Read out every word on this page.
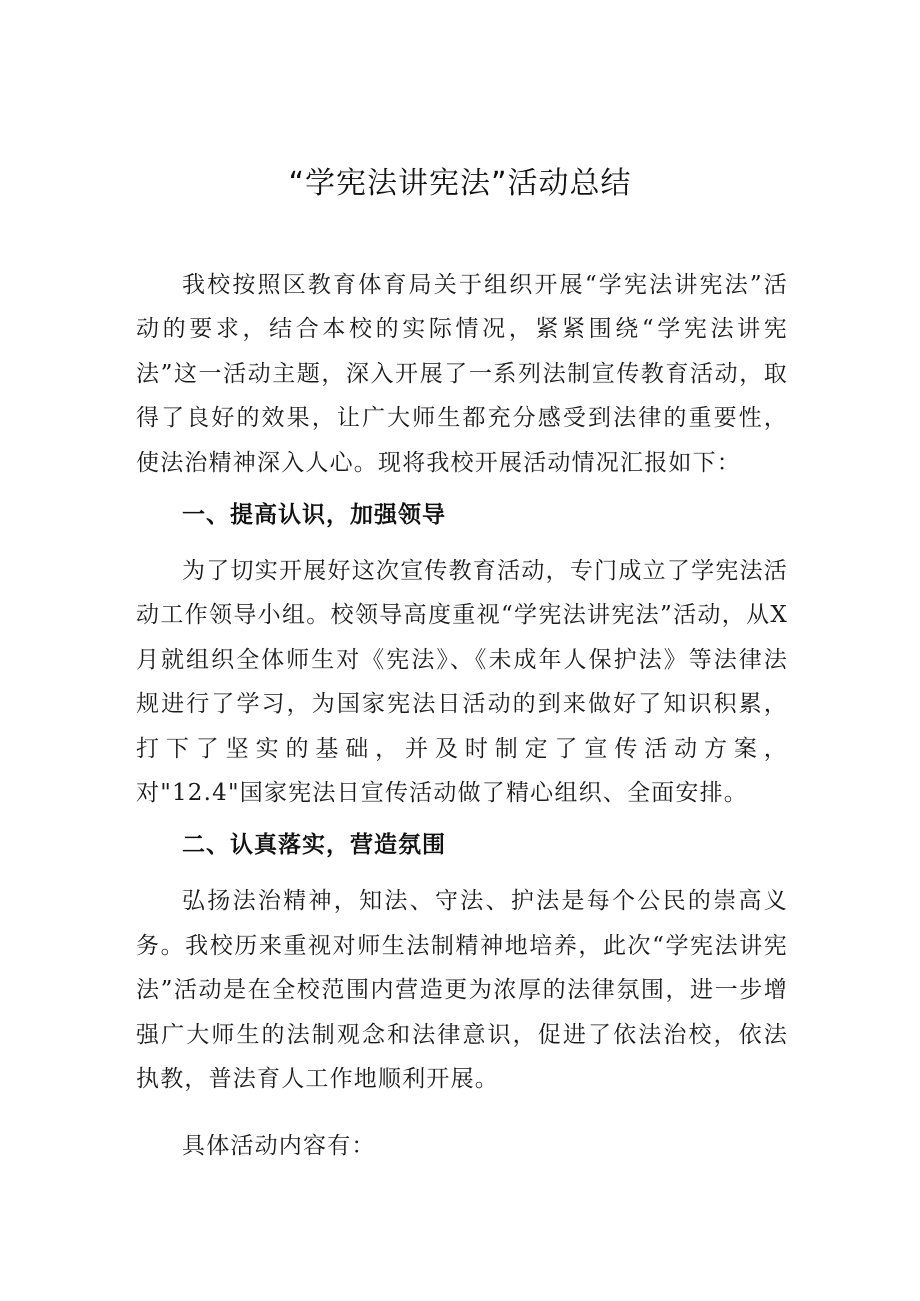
“学宪法讲宪法”活动总结

我校按照区教育体育局关于组织开展“学宪法讲宪法”活动的要求，结合本校的实际情况，紧紧围绕“学宪法讲宪法”这一活动主题，深入开展了一系列法制宣传教育活动，取得了良好的效果，让广大师生都充分感受到法律的重要性，使法治精神深入人心。现将我校开展活动情况汇报如下：

一、提高认识，加强领导

为了切实开展好这次宣传教育活动，专门成立了学宪法活动工作领导小组。校领导高度重视“学宪法讲宪法”活动，从X月就组织全体师生对《宪法》、《未成年人保护法》等法律法规进行了学习，为国家宪法日活动的到来做好了知识积累，打下了坚实的基础，并及时制定了宣传活动方案，对"12.4"国家宪法日宣传活动做了精心组织、全面安排。

二、认真落实，营造氛围

弘扬法治精神，知法、守法、护法是每个公民的崇高义务。我校历来重视对师生法制精神地培养，此次“学宪法讲宪法”活动是在全校范围内营造更为浓厚的法律氛围，进一步增强广大师生的法制观念和法律意识，促进了依法治校，依法执教，普法育人工作地顺利开展。

具体活动内容有：
